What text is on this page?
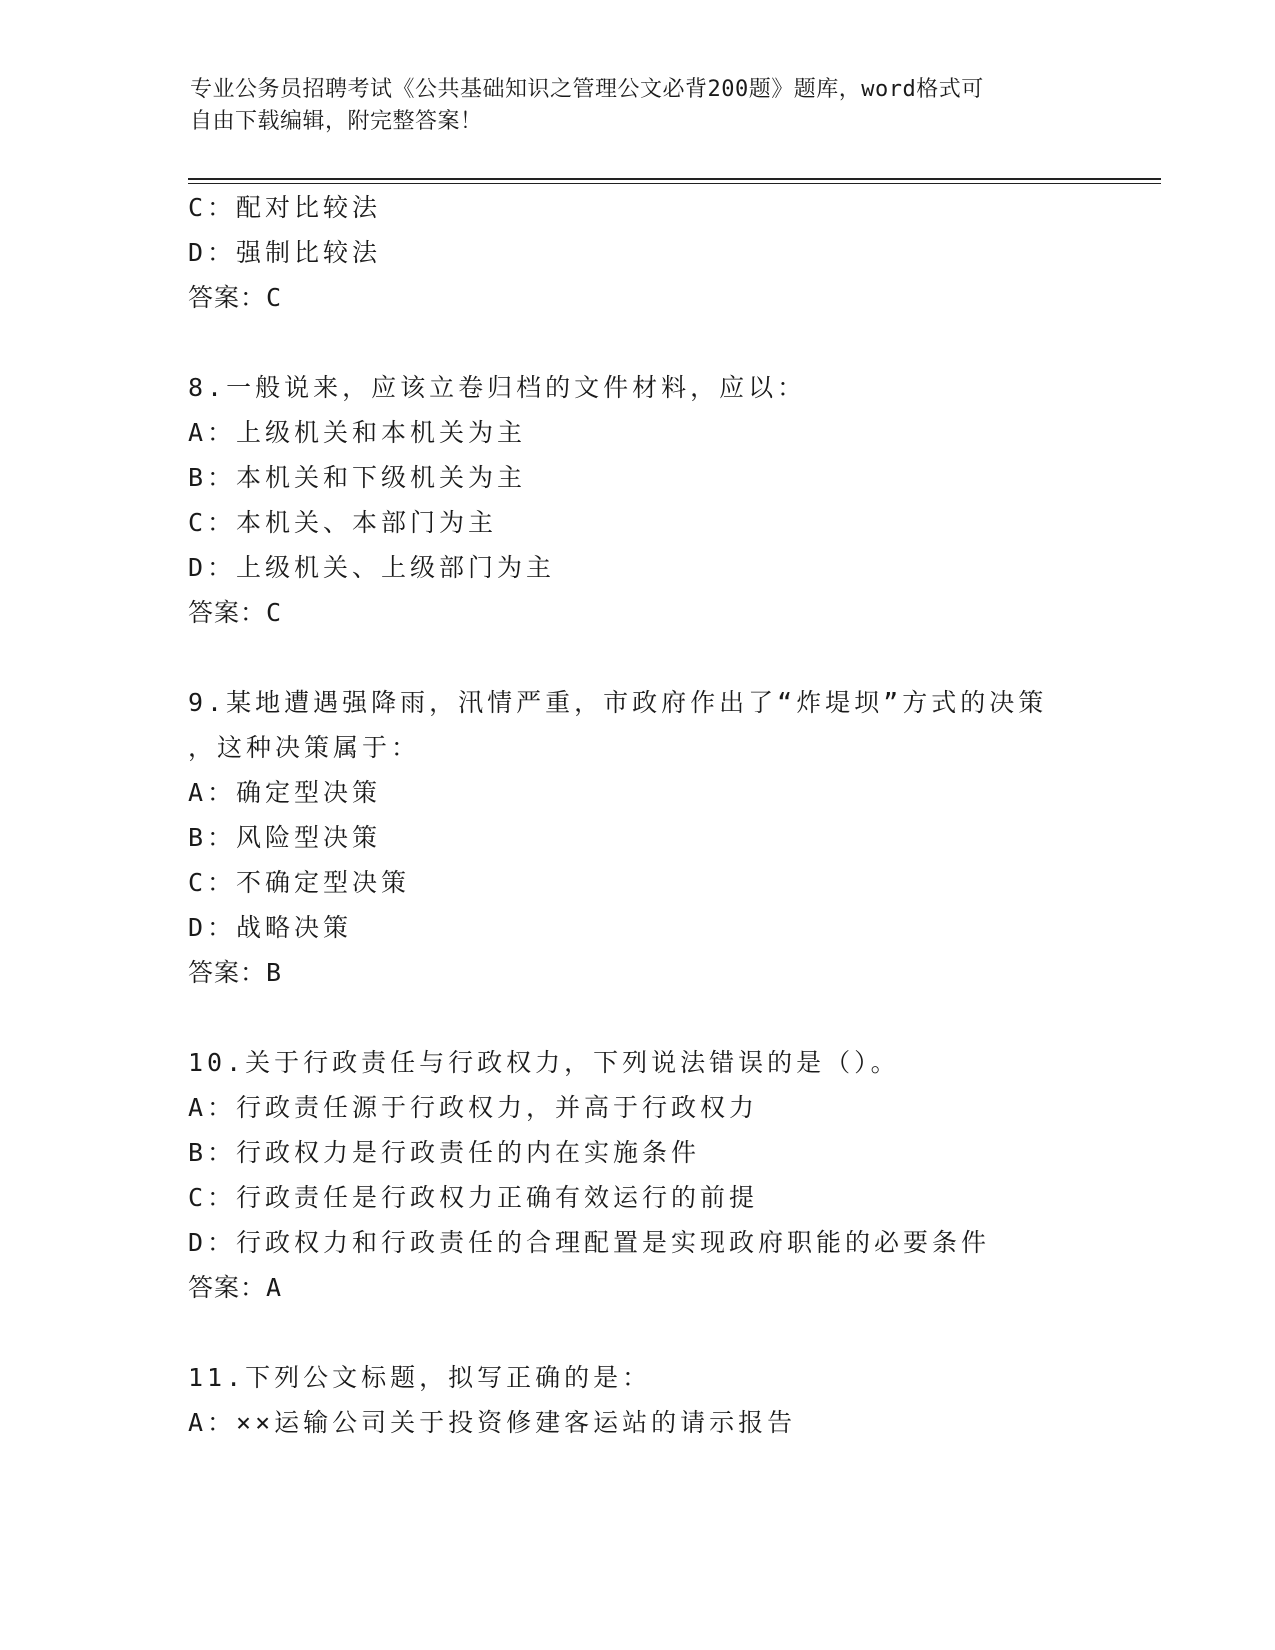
专业公务员招聘考试《公共基础知识之管理公文必背200题》题库，word格式可
自由下载编辑，附完整答案！
C：配对比较法
D：强制比较法
答案：C
8.一般说来，应该立卷归档的文件材料，应以：
A：上级机关和本机关为主
B：本机关和下级机关为主
C：本机关、本部门为主
D：上级机关、上级部门为主
答案：C
9.某地遭遇强降雨，汛情严重，市政府作出了“炸堤坝”方式的决策
，这种决策属于：
A：确定型决策
B：风险型决策
C：不确定型决策
D：战略决策
答案：B
10.关于行政责任与行政权力，下列说法错误的是（）。
A：行政责任源于行政权力，并高于行政权力
B：行政权力是行政责任的内在实施条件
C：行政责任是行政权力正确有效运行的前提
D：行政权力和行政责任的合理配置是实现政府职能的必要条件
答案：A
11.下列公文标题，拟写正确的是：
A：××运输公司关于投资修建客运站的请示报告
